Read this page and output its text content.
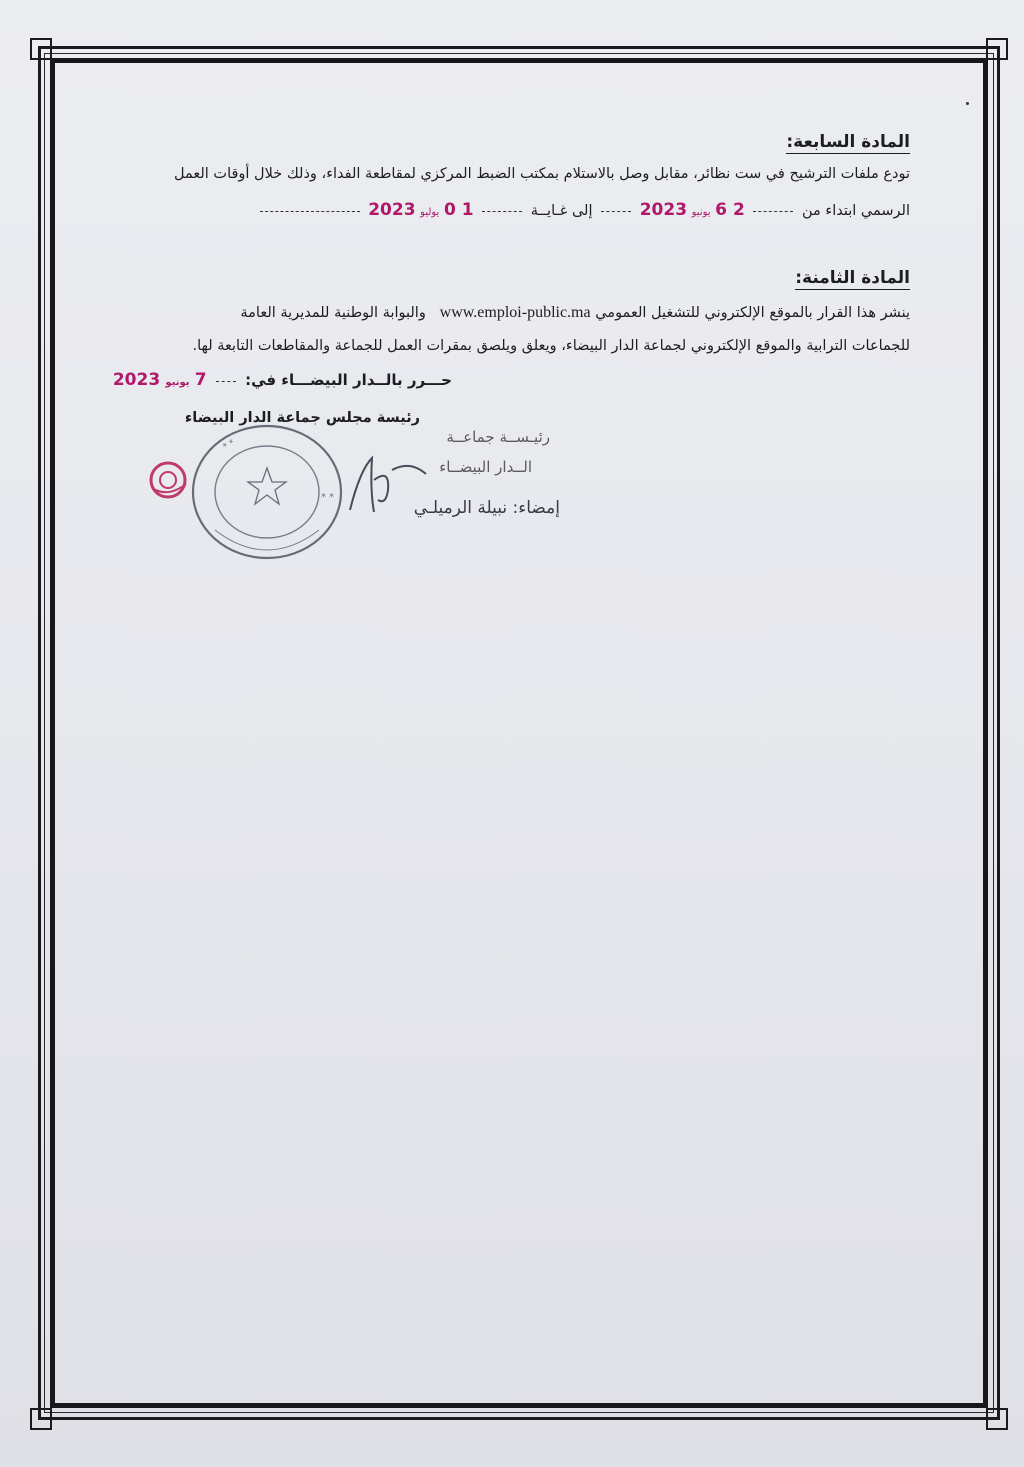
المادة السابعة:
تودع ملفات الترشيح في ست نظائر، مقابل وصل بالاستلام بمكتب الضبط المركزي لمقاطعة الفداء، وذلك خلال أوقات العمل
الرسمي ابتداء من  2 6 يونيو 2023  إلى غـايــة  1 0 يوليو 2023
المادة الثامنة:
ينشر هذا القرار بالموقع الإلكتروني للتشغيل العمومي www.emploi-public.ma   والبوابة الوطنية للمديرية العامة
للجماعات الترابية والموقع الإلكتروني لجماعة الدار البيضاء، ويعلق ويلصق بمقرات العمل للجماعة والمقاطعات التابعة لها.
حـــرر بالــدار البيضـــاء في:  7 يونيو 2023
رئيسة مجلس جماعة الدار البيضاء
* *
* *
رئيـســة جماعــة
الــدار البيضــاء
إمضاء: نبيلة الرميلـي
